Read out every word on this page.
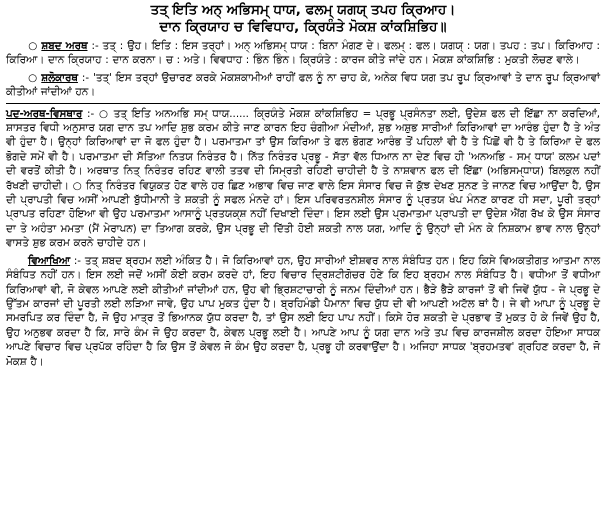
ਤਤ੍ ਇਤਿ ਅਨ੍ ਅਭਿਸਮ੍ ਧਾਯ, ਫਲਮ੍ ਯਗਯ੍ ਤਪਹ ਕ੍ਰਿਆਹ।

ਦਾਨ ਕ੍ਰਿਯਾਹ ਚ ਵਿਵਿਧਾਹ, ਕ੍ਰਿਯੰਤੇ ਮੋਕਸ਼ ਕਾਂਕਸ਼ਿਭਿਹ॥

○ ਸ਼ਬਦ ਅਰਥ :- ਤਤ੍ : ਉਹ। ਇਤਿ : ਇਸ ਤਰ੍ਹਾਂ। ਅਨ੍ ਅਭਿਸਮ੍ ਧਾਯ : ਬਿਨਾ ਮੰਗਣ ਦੇ। ਫਲਮ੍ : ਫਲ। ਯਗਯ੍ : ਯਗ। ਤਪਹ : ਤਪ। ਕਿਰਿਆਹ : ਕਿਰਿਆ। ਦਾਨ ਕ੍ਰਿਯਾਹ : ਦਾਨ ਕਰਨਾ। ਚ : ਅਤੇ। ਵਿਵਧਾਹ : ਭਿੰਨ ਭਿੰਨ। ਕ੍ਰਿਯੰਤੇ : ਕਾਰਜ ਕੀਤੇ ਜਾਂਦੇ ਹਨ। ਮੋਕਸ਼ ਕਾਂਕਸ਼ਿਭਿ : ਮੁਕਤੀ ਲੋਚਣ ਵਾਲੇ।

○ ਸ਼ਲੋਕਾਰਥ :- 'ਤਤ੍' ਇਸ ਤਰ੍ਹਾਂ ਉਚਾਰਣ ਕਰਕੇ ਮੋਕਸ਼ਕਾਮੀਆਂ ਰਾਹੀਂ ਫਲ ਨੂੰ ਨਾ ਚਾਹ ਕੇ, ਅਨੇਕ ਵਿਧ ਯਗ ਤਪ ਰੂਪ ਕ੍ਰਿਆਵਾਂ ਤੇ ਦਾਨ ਰੂਪ ਕ੍ਰਿਆਵਾਂ ਕੀਤੀਆਂ ਜਾਂਦੀਆਂ ਹਨ।

ਪਦ-ਅਰਥ-ਵਿਸਥਾਰ :- ○ ਤਤ੍ ਇਤਿ ਅਨਅਭਿ ਸਮ੍ ਧਾਯ...... ਕ੍ਰਿਯੰਤੇ ਮੋਕਸ਼ ਕਾਂਕਸ਼ਿਭਿਹ = ਪ੍ਰਭੂ ਪ੍ਰਸੰਨਤਾ ਲਈ, ਉਦੇਸ਼ ਫਲ ਦੀ ਇੱਛਾ ਨਾ ਕਰਦਿਆਂ, ਸ਼ਾਸਤਰ ਵਿਧੀ ਅਨੁਸਾਰ ਯਗ ਦਾਨ ਤਪ ਆਦਿ ਸ਼ੁਭ ਕਰਮ ਕੀਤੇ ਜਾਣ ਕਾਰਨ ਇਹ ਚੰਗੀਆ ਮੰਦੀਆਂ, ਸ਼ੁਭ ਅਸ਼ੁਭ ਸਾਰੀਆਂ ਕਿਰਿਆਵਾਂ ਦਾ ਆਰੰਭ ਹੁੰਦਾ ਹੈ ਤੇ ਅੰਤ ਵੀ ਹੁੰਦਾ ਹੈ। ਉਨ੍ਹਾਂ ਕਿਰਿਆਵਾਂ ਦਾ ਜੋ ਫਲ ਹੁੰਦਾ ਹੈ। ਪਰਮਾਤਮਾ ਤਾਂ ਉਸ ਕਿਰਿਆ ਤੇ ਫਲ ਭੋਗਣ ਆਰੰਭ ਤੋਂ ਪਹਿਲਾਂ ਵੀ ਹੈ ਤੇ ਪਿੱਛੋਂ ਵੀ ਹੈ ਤੇ ਕਿਰਿਆ ਦੇ ਫਲ ਭੋਗਦੇ ਸਮੇਂ ਵੀ ਹੈ। ਪਰਮਾਤਮਾ ਦੀ ਸੱਤਿਆ ਨਿਤਯ ਨਿਰੰਤਰ ਹੈ। ਨਿੱਤ ਨਿਰੰਤਰ ਪ੍ਰਭੂ - ਸੱਤਾ ਵੱਲ ਧਿਆਨ ਨਾ ਦੇਣ ਵਿਚ ਹੀ 'ਅਨਅਭਿ - ਸਮ੍ ਧਾਯ' ਕਲਮ ਪਦਾਂ ਦੀ ਵਰਤੋਂ ਕੀਤੀ ਹੈ। ਅਰਥਾਤ ਨਿਤ੍ ਨਿਰੰਤਰ ਰਹਿਣ ਵਾਲੀ ਤਤਵ ਦੀ ਸਿਮ੍ਰਤੀ ਰਹਿਣੀ ਚਾਹੀਦੀ ਹੈ ਤੇ ਨਾਸ਼ਵਾਨ ਫਲ ਦੀ ਇੱਛਾ (ਅਭਿਸਮੑਧਾਯ) ਬਿਲਕੁਲ ਨਹੀਂ ਰੱਖਣੀ ਚਾਹੀਦੀ। ○ ਨਿਤ੍ ਨਿਰੰਤਰ ਵਿਯੁਕਤ ਹੋਣ ਵਾਲੇ ਹਰ ਛਿਣ ਅਭਾਵ ਵਿਚ ਜਾਣ ਵਾਲੇ ਇਸ ਸੰਸਾਰ ਵਿਚ ਜੋ ਕੁੱਝ ਦੇਖਣ ਸੁਨਣ ਤੇ ਜਾਨਣ ਵਿਚ ਆਉਂਦਾ ਹੈ, ਉਸ ਦੀ ਪ੍ਰਾਪਤੀ ਵਿਚ ਅਸੀਂ ਆਪਣੀ ਬੁੱਧੀਮਾਨੀ ਤੇ ਸ਼ਕਤੀ ਨੂੰ ਸਫਲ ਮੰਨਦੇ ਹਾਂ। ਇਸ ਪਰਿਵਰਤਨਸ਼ੀਲ ਸੰਸਾਰ ਨੂੰ ਪ੍ਰਤਯ ਖੰਪ ਮੰਨਣ ਕਾਰਣ ਹੀ ਸਦਾ, ਪੂਰੀ ਤਰ੍ਹਾਂ ਪ੍ਰਾਪਤ ਰਹਿਣਾ ਹੋਇਆ ਵੀ ਉਹ ਪਰਮਾਤਮਾ ਆਸਾਨੂੰ ਪ੍ਰਤਯਕ੍ਸ਼ ਨਹੀਂ ਦਿਖਾਈ ਦਿੰਦਾ। ਇਸ ਲਈ ਉਸ ਪ੍ਰਮਾਤਮਾ ਪ੍ਰਾਪਤੀ ਦਾ ਉਦੇਸ਼ ਐਂਗ ਰੱਖ ਕੇ ਉਸ ਸੰਸਾਰ ਦਾ ਤੇ ਅਹੰਤਾ ਮਮਤਾ (ਮੈਂ ਮੇਰਾਪਨ) ਦਾ ਤਿਆਗ ਕਰਕੇ, ਉਸ ਪ੍ਰਭੂ ਦੀ ਦਿੱਤੀ ਹੋਈ ਸ਼ਕਤੀ ਨਾਲ ਯਗ, ਆਦਿ ਨੂੰ ਉਨ੍ਹਾਂ ਦੀ ਮੰਨ ਕੇ ਨਿਸ਼ਕਾਮ ਭਾਵ ਨਾਲ ਉਨ੍ਹਾਂ ਵਾਸਤੇ ਸ਼ੁਭ ਕਰਮ ਕਰਨੇ ਚਾਹੀਦੇ ਹਨ।

ਵਿਆਖਿਆ :- ਤਤ੍ ਸ਼ਬਦ ਬ੍ਰਹਮ ਲਈ ਅੰਕਿਤ ਹੈ। ਜੋ ਕਿਰਿਆਵਾਂ ਹਨ, ਉਹ ਸਾਰੀਆਂ ਈਸ਼ਵਰ ਨਾਲ ਸੰਬੰਧਿਤ ਹਨ। ਇਹ ਕਿਸੇ ਵਿਅਕਤੀਗਤ ਆਤਮਾ ਨਾਲ ਸੰਬੰਧਿਤ ਨਹੀਂ ਹਨ। ਇਸ ਲਈ ਜਦੋਂ ਅਸੀਂ ਕੋਈ ਕਰਮ ਕਰਦੇ ਹਾਂ, ਇਹ ਵਿਚਾਰ ਦ੍ਰਿਸ਼ਟੀਗੋਚਰ ਹੋਣੇ ਕਿ ਇਹ ਬ੍ਰਹਮ ਨਾਲ ਸੰਬੰਧਿਤ ਹੈ। ਵਧੀਆ ਤੋਂ ਵਧੀਆ ਕਿਰਿਆਵਾਂ ਵੀ, ਜੋ ਕੇਵਲ ਆਪਣੇ ਲਈ ਕੀਤੀਆਂ ਜਾਂਦੀਆਂ ਹਨ, ਉਹ ਵੀ ਭ੍ਰਿਸ਼ਟਾਚਾਰੀ ਨੂੰ ਜਨਮ ਦਿੰਦੀਆਂ ਹਨ। ਭੈੜੇ ਭੈੜੇ ਕਾਰਜਾਂ ਤੋਂ ਵੀ ਜਿਵੇਂ ਯੁੱਧ - ਜੇ ਪ੍ਰਭੂ ਦੇ ਉੱਤਮ ਕਾਰਜਾਂ ਦੀ ਪੂਰਤੀ ਲਈ ਲੜਿਆ ਜਾਵੇ, ਉਹ ਪਾਪ ਮੁਕਤ ਹੁੰਦਾ ਹੈ। ਬ੍ਰਹਿਮੰਡੀ ਪੈਮਾਨਾ ਵਿਚ ਯੁੱਧ ਦੀ ਵੀ ਆਪਣੀ ਅਟੱਲ ਥਾਂ ਹੈ। ਜੇ ਵੀ ਆਪਾ ਨੂੰ ਪ੍ਰਭੂ ਦੇ ਸਮਰਪਿਤ ਕਰ ਦਿੰਦਾ ਹੈ, ਜੋ ਉਹ ਮਾਤ੍ਰ ਤੋਂ ਭਿਆਨਕ ਯੁੱਧ ਕਰਦਾ ਹੈ, ਤਾਂ ਉਸ ਲਈ ਇਹ ਪਾਪ ਨਹੀਂ। ਕਿਸੇ ਹੋਰ ਸ਼ਕਤੀ ਦੇ ਪ੍ਰਭਾਵ ਤੋਂ ਮੁਕਤ ਹੋ ਕੇ ਜਿਵੇਂ ਉਹ ਹੈ, ਉਹ ਅਨੁਭਵ ਕਰਦਾ ਹੈ ਕਿ, ਸਾਰੇ ਕੰਮ ਜੋ ਉਹ ਕਰਦਾ ਹੈ, ਕੇਵਲ ਪ੍ਰਭੂ ਲਈ ਹੈ। ਆਪਣੇ ਆਪ ਨੂੰ ਯਗ ਦਾਨ ਅਤੇ ਤਪ ਵਿਚ ਕਾਰਜਸ਼ੀਲ ਕਰਦਾ ਹੋਇਆ ਸਾਧਕ ਆਪਣੇ ਵਿਚਾਰ ਵਿਚ ਪ੍ਰਪੱਕ ਰਹਿੰਦਾ ਹੈ ਕਿ ਉਸ ਤੋਂ ਕੇਵਲ ਜੋ ਕੰਮ ਉਹ ਕਰਦਾ ਹੈ, ਪ੍ਰਭੂ ਹੀ ਕਰਵਾਉਂਦਾ ਹੈ। ਅਜਿਹਾ ਸਾਧਕ 'ਬ੍ਰਹਮਤਵ' ਗ੍ਰਹਿਣ ਕਰਦਾ ਹੈ, ਜੋ ਮੋਕਸ਼ ਹੈ।
